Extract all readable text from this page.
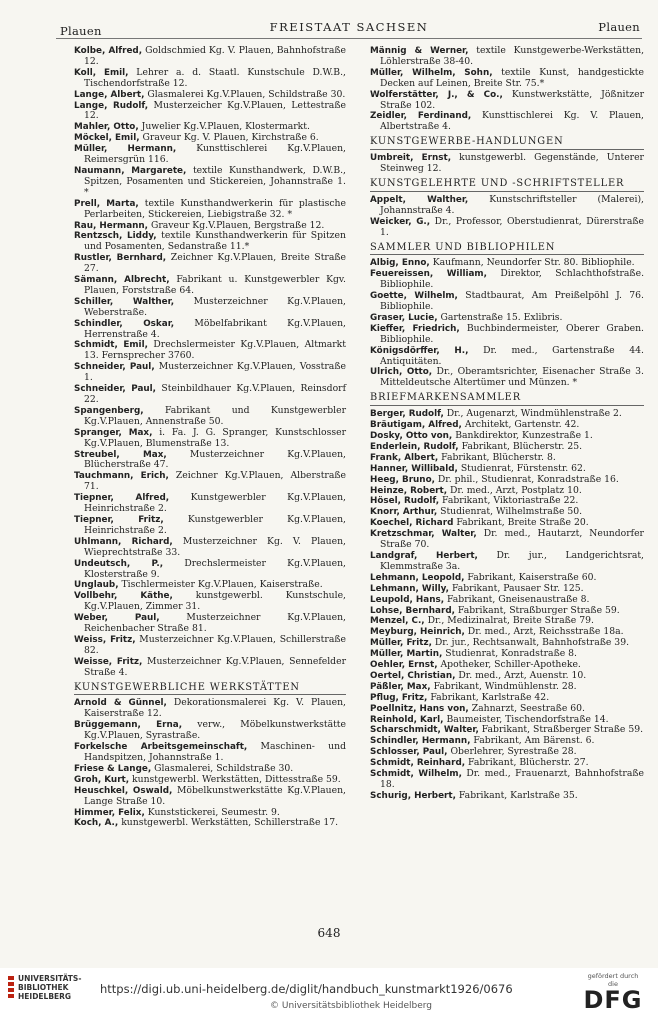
Plauen	FREISTAAT SACHSEN	Plauen

Kolbe, Alfred, Goldschmied Kg. V. Plauen, Bahnhofstraße 12.

Koll, Emil, Lehrer a. d. Staatl. Kunstschule D.W.B., Tischendorfstraße 12.

Lange, Albert, Glasmalerei Kg.V.Plauen, Schildstraße 30.

Lange, Rudolf, Musterzeicher Kg.V.Plauen, Lettestraße 12.

Mahler, Otto, Juwelier Kg.V.Plauen, Klostermarkt.

Möckel, Emil, Graveur Kg. V. Plauen, Kirchstraße 6.

Müller, Hermann, Kunsttischlerei Kg.V.Plauen, Reimersgrün 116.

Naumann, Margarete, textile Kunsthandwerk, D.W.B., Spitzen, Posamenten und Stickereien, Johannstraße 1. *

Prell, Marta, textile Kunsthandwerkerin für plastische Perlarbeiten, Stickereien, Liebigstraße 32. *

Rau, Hermann, Graveur Kg.V.Plauen, Bergstraße 12.

Rentzsch, Liddy, textile Kunsthandwerkerin für Spitzen und Posamenten, Sedanstraße 11.*

Rustler, Bernhard, Zeichner Kg.V.Plauen, Breite Straße 27.

Sämann, Albrecht, Fabrikant u. Kunstgewerbler Kgv. Plauen, Forststraße 64.

Schiller, Walther, Musterzeichner Kg.V.Plauen, Weberstraße.

Schindler, Oskar, Möbelfabrikant Kg.V.Plauen, Herrenstraße 4.

Schmidt, Emil, Drechslermeister Kg.V.Plauen, Altmarkt 13. Fernsprecher 3760.

Schneider, Paul, Musterzeichner Kg.V.Plauen, Vosstraße 1.

Schneider, Paul, Steinbildhauer Kg.V.Plauen, Reinsdorf 22.

Spangenberg, Fabrikant und Kunstgewerbler Kg.V.Plauen, Annenstraße 50.

Spranger, Max, i. Fa. J. G. Spranger, Kunstschlosser Kg.V.Plauen, Blumenstraße 13.

Streubel, Max, Musterzeichner Kg.V.Plauen, Blücherstraße 47.

Tauchmann, Erich, Zeichner Kg.V.Plauen, Alberstraße 71.

Tiepner, Alfred, Kunstgewerbler Kg.V.Plauen, Heinrichstraße 2.

Tiepner, Fritz, Kunstgewerbler Kg.V.Plauen, Heinrichstraße 2.

Uhlmann, Richard, Musterzeichner Kg. V. Plauen, Wieprechtstraße 33.

Undeutsch, P., Drechslermeister Kg.V.Plauen, Klosterstraße 9.

Unglaub, Tischlermeister Kg.V.Plauen, Kaiserstraße.

Vollbehr, Käthe, kunstgewerbl. Kunstschule, Kg.V.Plauen, Zimmer 31.

Weber, Paul, Musterzeichner Kg.V.Plauen, Reichenbacher Straße 81.

Weiss, Fritz, Musterzeichner Kg.V.Plauen, Schillerstraße 82.

Weisse, Fritz, Musterzeichner Kg.V.Plauen, Sennefelder Straße 4.

KUNSTGEWERBLICHE WERKSTÄTTEN

Arnold & Günnel, Dekorationsmalerei Kg. V. Plauen, Kaiserstraße 12.

Brüggemann, Erna, verw., Möbelkunstwerkstätte Kg.V.Plauen, Syrastraße.

Forkelsche Arbeitsgemeinschaft, Maschinen- und Handspitzen, Johannstraße 1.

Friese & Lange, Glasmalerei, Schildstraße 30.

Groh, Kurt, kunstgewerbl. Werkstätten, Dittesstraße 59.

Heuschkel, Oswald, Möbelkunstwerkstätte Kg.V.Plauen, Lange Straße 10.

Himmer, Felix, Kunststickerei, Seumestr. 9.

Koch, A., kunstgewerbl. Werkstätten, Schillerstraße 17.

Männig & Werner, textile Kunstgewerbe-Werkstätten, Löhlerstraße 38-40.

Müller, Wilhelm, Sohn, textile Kunst, handgestickte Decken auf Leinen, Breite Str. 75.*

Wolferstätter, J., & Co., Kunstwerkstätte, Jößnitzer Straße 102.

Zeidler, Ferdinand, Kunsttischlerei Kg. V. Plauen, Albertstraße 4.

KUNSTGEWERBE-HANDLUNGEN

Umbreit, Ernst, kunstgewerbl. Gegenstände, Unterer Steinweg 12.

KUNSTGELEHRTE UND -SCHRIFTSTELLER

Appelt, Walther, Kunstschriftsteller (Malerei), Johannstraße 4.

Weicker, G., Dr., Professor, Oberstudienrat, Dürerstraße 1.

SAMMLER UND BIBLIOPHILEN

Albig, Enno, Kaufmann, Neundorfer Str. 80. Bibliophile.

Feuereissen, William, Direktor, Schlachthofstraße. Bibliophile.

Goette, Wilhelm, Stadtbaurat, Am Preißelpöhl J. 76. Bibliophile.

Graser, Lucie, Gartenstraße 15. Exlibris.

Kieffer, Friedrich, Buchbindermeister, Oberer Graben. Bibliophile.

Königsdörffer, H., Dr. med., Gartenstraße 44. Antiquitäten.

Ulrich, Otto, Dr., Oberamtsrichter, Eisenacher Straße 3. Mitteldeutsche Altertümer und Münzen. *

BRIEFMARKENSAMMLER

Berger, Rudolf, Dr., Augenarzt, Windmühlenstraße 2.

Bräutigam, Alfred, Architekt, Gartenstr. 42.

Dosky, Otto von, Bankdirektor, Kunzestraße 1.

Enderlein, Rudolf, Fabrikant, Blücherstr. 25.

Frank, Albert, Fabrikant, Blücherstr. 8.

Hanner, Willibald, Studienrat, Fürstenstr. 62.

Heeg, Bruno, Dr. phil., Studienrat, Konradstraße 16.

Heinze, Robert, Dr. med., Arzt, Postplatz 10.

Hösel, Rudolf, Fabrikant, Viktoriastraße 22.

Knorr, Arthur, Studienrat, Wilhelmstraße 50.

Koechel, Richard Fabrikant, Breite Straße 20.

Kretzschmar, Walter, Dr. med., Hautarzt, Neundorfer Straße 70.

Landgraf, Herbert, Dr. jur., Landgerichtsrat, Klemmstraße 3a.

Lehmann, Leopold, Fabrikant, Kaiserstraße 60.

Lehmann, Willy, Fabrikant, Pausaer Str. 125.

Leupold, Hans, Fabrikant, Gneisenaustraße 8.

Lohse, Bernhard, Fabrikant, Straßburger Straße 59.

Menzel, C., Dr., Medizinalrat, Breite Straße 79.

Meyburg, Heinrich, Dr. med., Arzt, Reichsstraße 18a.

Müller, Fritz, Dr. jur., Rechtsanwalt, Bahnhofstraße 39.

Müller, Martin, Studienrat, Konradstraße 8.

Oehler, Ernst, Apotheker, Schiller-Apotheke.

Oertel, Christian, Dr. med., Arzt, Auenstr. 10.

Päßler, Max, Fabrikant, Windmühlenstr. 28.

Pflug, Fritz, Fabrikant, Karlstraße 42.

Poellnitz, Hans von, Zahnarzt, Seestraße 60.

Reinhold, Karl, Baumeister, Tischendorfstraße 14.

Scharschmidt, Walter, Fabrikant, Straßberger Straße 59.

Schindler, Hermann, Fabrikant, Am Bärenst. 6.

Schlosser, Paul, Oberlehrer, Syrestraße 28.

Schmidt, Reinhard, Fabrikant, Blücherstr. 27.

Schmidt, Wilhelm, Dr. med., Frauenarzt, Bahnhofstraße 18.

Schurig, Herbert, Fabrikant, Karlstraße 35.

648
UNIVERSITÄTS-BIBLIOTHEK HEIDELBERG
https://digi.ub.uni-heidelberg.de/diglit/handbuch_kunstmarkt1926/0676
© Universitätsbibliothek Heidelberg
gefördert durch die
DFG
